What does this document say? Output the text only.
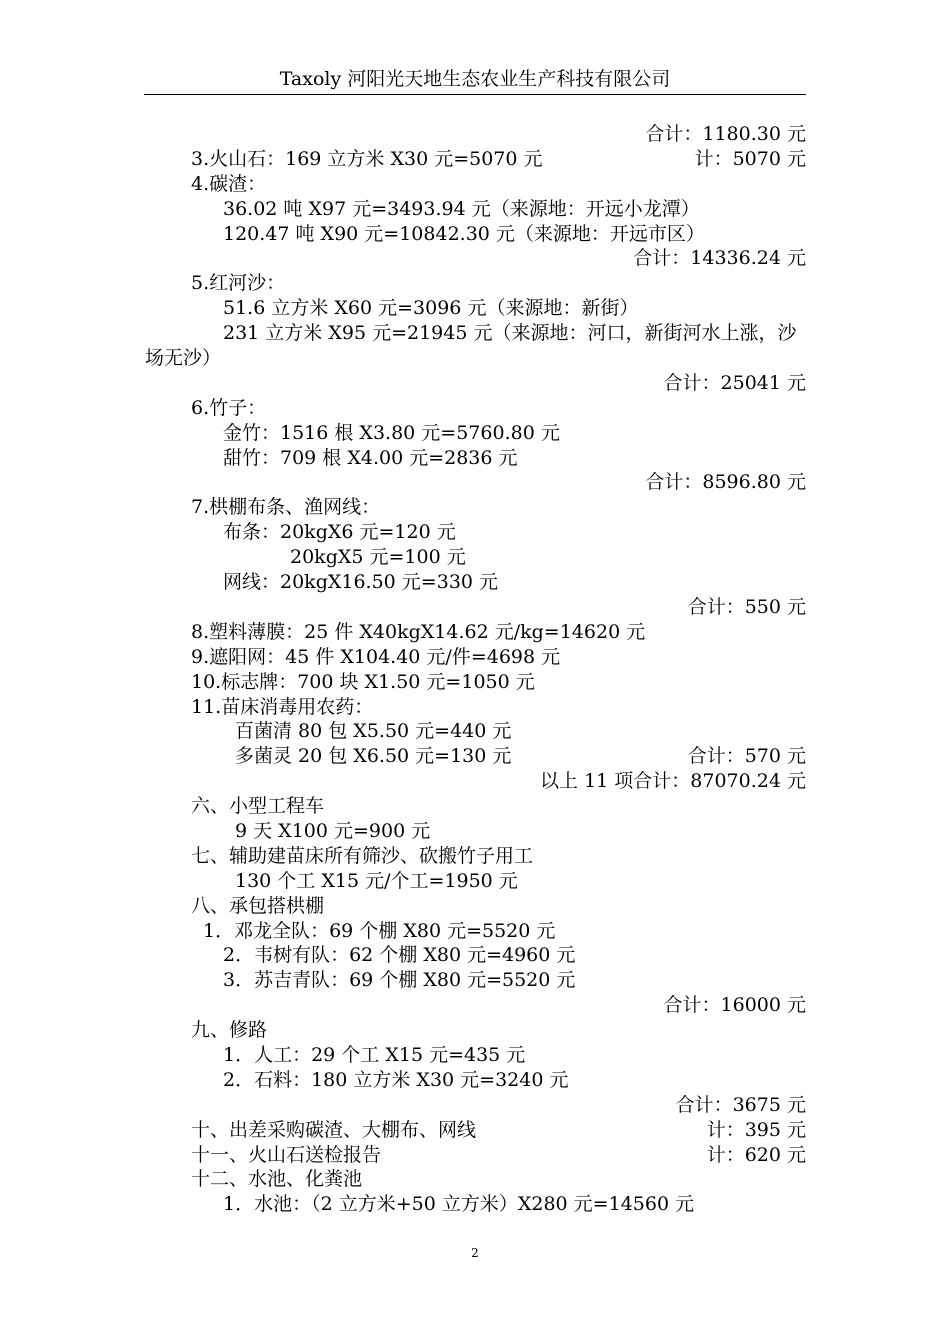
Taxoly 河阳光天地生态农业生产科技有限公司
合计：1180.30 元
3.火山石：169 立方米 X30 元=5070 元	计：5070 元
4.碳渣：
36.02 吨 X97 元=3493.94 元（来源地：开远小龙潭）
120.47 吨 X90 元=10842.30 元（来源地：开远市区）
合计：14336.24 元
5.红河沙：
51.6 立方米 X60 元=3096 元（来源地：新街）
231 立方米 X95 元=21945 元（来源地：河口，新街河水上涨，沙场无沙）
合计：25041 元
6.竹子：
金竹：1516 根 X3.80 元=5760.80 元
甜竹：709 根 X4.00 元=2836 元
合计：8596.80 元
7.栱棚布条、渔网线：
布条：20kgX6 元=120 元
20kgX5 元=100 元
网线：20kgX16.50 元=330 元
合计：550 元
8.塑料薄膜：25 件 X40kgX14.62 元/kg=14620 元
9.遮阳网：45 件 X104.40 元/件=4698 元
10.标志牌：700 块 X1.50 元=1050 元
11.苗床消毒用农药：
百菌清 80 包 X5.50 元=440 元
多菌灵 20 包 X6.50 元=130 元	合计：570 元
以上 11 项合计：87070.24 元
六、小型工程车
9 天 X100 元=900 元
七、辅助建苗床所有筛沙、砍搬竹子用工
130 个工 X15 元/个工=1950 元
八、承包搭栱棚
1．邓龙全队：69 个棚 X80 元=5520 元
2．韦树有队：62 个棚 X80 元=4960 元
3．苏吉青队：69 个棚 X80 元=5520 元
合计：16000 元
九、修路
1．人工：29 个工 X15 元=435 元
2．石料：180 立方米 X30 元=3240 元
合计：3675 元
十、出差采购碳渣、大棚布、网线	计：395 元
十一、火山石送检报告	计：620 元
十二、水池、化粪池
1．水池：（2 立方米+50 立方米）X280 元=14560 元
2
